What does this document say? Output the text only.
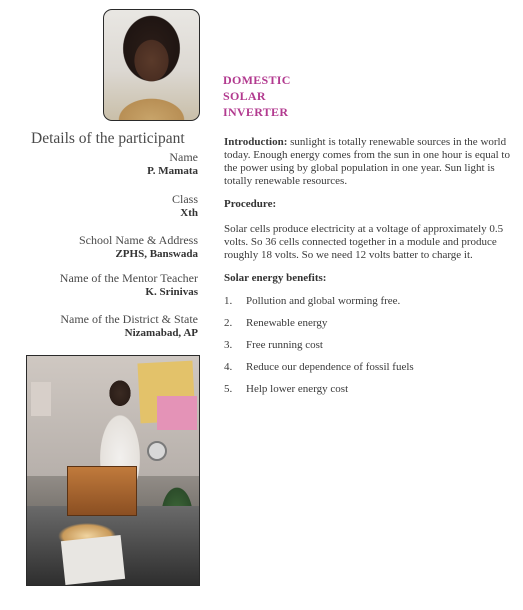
DOMESTIC
SOLAR
INVERTER
Details of the participant
Name
P. Mamata
Class
Xth
School Name & Address
ZPHS, Banswada
Name of the Mentor Teacher
K. Srinivas
Name of the District & State
Nizamabad, AP

Introduction: sunlight is totally renewable sources in the world today. Enough energy comes from the sun in one hour is equal to the power using by global population in one year. Sun light is totally renewable resources.

Procedure:

Solar cells produce electricity at a voltage of approximately 0.5 volts. So 36 cells connected together in a module and produce roughly 18 volts. So we need 12 volts batter to charge it.

Solar energy benefits:
1.	Pollution and global worming free.
2.	Renewable energy
3.	Free running cost
4.	Reduce our dependence of fossil fuels
5.	Help lower energy cost
